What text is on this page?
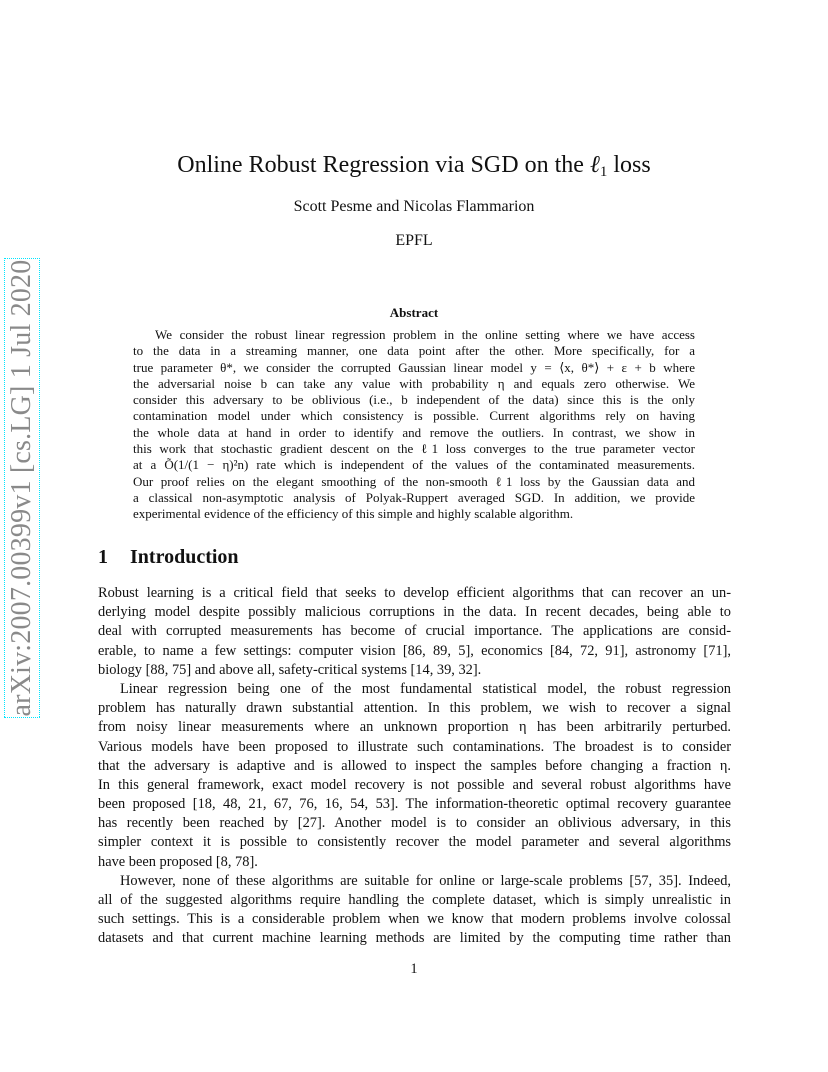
arXiv:2007.00399v1 [cs.LG] 1 Jul 2020
Online Robust Regression via SGD on the ℓ$_1$ loss
Scott Pesme and Nicolas Flammarion
EPFL
Abstract
We consider the robust linear regression problem in the online setting where we have access
to the data in a streaming manner, one data point after the other. More specifically, for a
true parameter θ*, we consider the corrupted Gaussian linear model y = ⟨x, θ*⟩ + ε + b where
the adversarial noise b can take any value with probability η and equals zero otherwise. We
consider this adversary to be oblivious (i.e., b independent of the data) since this is the only
contamination model under which consistency is possible. Current algorithms rely on having
the whole data at hand in order to identify and remove the outliers. In contrast, we show in
this work that stochastic gradient descent on the ℓ1 loss converges to the true parameter vector
at a Õ(1/(1 − η)²n) rate which is independent of the values of the contaminated measurements.
Our proof relies on the elegant smoothing of the non-smooth ℓ1 loss by the Gaussian data and
a classical non-asymptotic analysis of Polyak-Ruppert averaged SGD. In addition, we provide
experimental evidence of the efficiency of this simple and highly scalable algorithm.
1 Introduction
Robust learning is a critical field that seeks to develop efficient algorithms that can recover an un-
derlying model despite possibly malicious corruptions in the data. In recent decades, being able to
deal with corrupted measurements has become of crucial importance. The applications are consid-
erable, to name a few settings: computer vision [86, 89, 5], economics [84, 72, 91], astronomy [71],
biology [88, 75] and above all, safety-critical systems [14, 39, 32].
Linear regression being one of the most fundamental statistical model, the robust regression
problem has naturally drawn substantial attention. In this problem, we wish to recover a signal
from noisy linear measurements where an unknown proportion η has been arbitrarily perturbed.
Various models have been proposed to illustrate such contaminations. The broadest is to consider
that the adversary is adaptive and is allowed to inspect the samples before changing a fraction η.
In this general framework, exact model recovery is not possible and several robust algorithms have
been proposed [18, 48, 21, 67, 76, 16, 54, 53]. The information-theoretic optimal recovery guarantee
has recently been reached by [27]. Another model is to consider an oblivious adversary, in this
simpler context it is possible to consistently recover the model parameter and several algorithms
have been proposed [8, 78].
However, none of these algorithms are suitable for online or large-scale problems [57, 35]. Indeed,
all of the suggested algorithms require handling the complete dataset, which is simply unrealistic in
such settings. This is a considerable problem when we know that modern problems involve colossal
datasets and that current machine learning methods are limited by the computing time rather than
1
